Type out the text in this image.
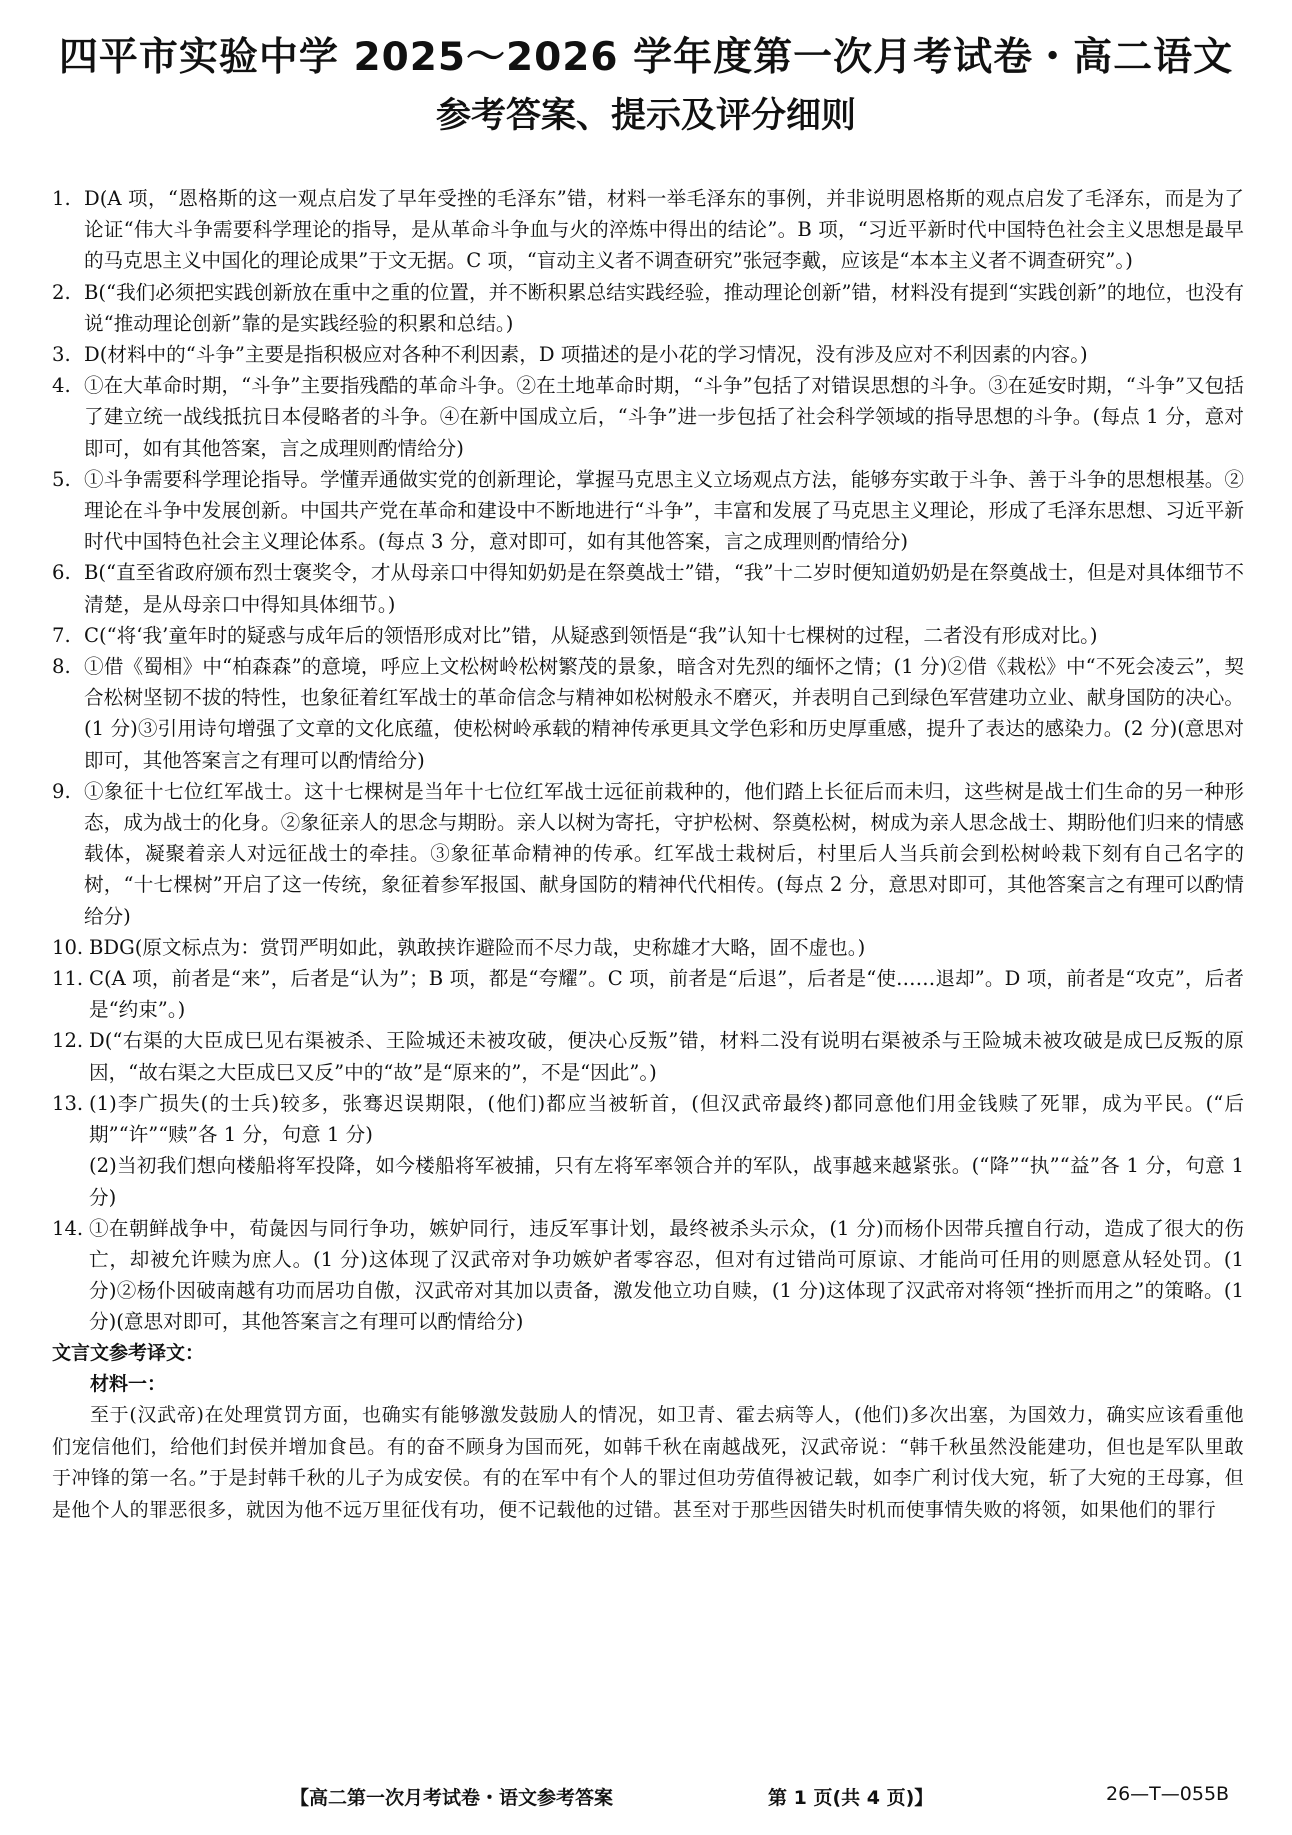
四平市实验中学 2025～2026 学年度第一次月考试卷・高二语文
参考答案、提示及评分细则
1. D(A 项，“恩格斯的这一观点启发了早年受挫的毛泽东”错，材料一举毛泽东的事例，并非说明恩格斯的观点启发了毛泽东，而是为了论证“伟大斗争需要科学理论的指导，是从革命斗争血与火的淬炼中得出的结论”。B 项，“习近平新时代中国特色社会主义思想是最早的马克思主义中国化的理论成果”于文无据。C 项，“盲动主义者不调查研究”张冠李戴，应该是“本本主义者不调查研究”。)
2. B(“我们必须把实践创新放在重中之重的位置，并不断积累总结实践经验，推动理论创新”错，材料没有提到“实践创新”的地位，也没有说“推动理论创新”靠的是实践经验的积累和总结。)
3. D(材料中的“斗争”主要是指积极应对各种不利因素，D 项描述的是小花的学习情况，没有涉及应对不利因素的内容。)
4. ①在大革命时期，“斗争”主要指残酷的革命斗争。②在土地革命时期，“斗争”包括了对错误思想的斗争。③在延安时期，“斗争”又包括了建立统一战线抵抗日本侵略者的斗争。④在新中国成立后，“斗争”进一步包括了社会科学领域的指导思想的斗争。(每点 1 分，意对即可，如有其他答案，言之成理则酌情给分)
5. ①斗争需要科学理论指导。学懂弄通做实党的创新理论，掌握马克思主义立场观点方法，能够夯实敢于斗争、善于斗争的思想根基。②理论在斗争中发展创新。中国共产党在革命和建设中不断地进行“斗争”，丰富和发展了马克思主义理论，形成了毛泽东思想、习近平新时代中国特色社会主义理论体系。(每点 3 分，意对即可，如有其他答案，言之成理则酌情给分)
6. B(“直至省政府颁布烈士褒奖令，才从母亲口中得知奶奶是在祭奠战士”错，“我”十二岁时便知道奶奶是在祭奠战士，但是对具体细节不清楚，是从母亲口中得知具体细节。)
7. C(“将‘我’童年时的疑惑与成年后的领悟形成对比”错，从疑惑到领悟是“我”认知十七棵树的过程，二者没有形成对比。)
8. ①借《蜀相》中“柏森森”的意境，呼应上文松树岭松树繁茂的景象，暗含对先烈的缅怀之情；(1 分)②借《栽松》中“不死会凌云”，契合松树坚韧不拔的特性，也象征着红军战士的革命信念与精神如松树般永不磨灭，并表明自己到绿色军营建功立业、献身国防的决心。(1 分)③引用诗句增强了文章的文化底蕴，使松树岭承载的精神传承更具文学色彩和历史厚重感，提升了表达的感染力。(2 分)(意思对即可，其他答案言之有理可以酌情给分)
9. ①象征十七位红军战士。这十七棵树是当年十七位红军战士远征前栽种的，他们踏上长征后而未归，这些树是战士们生命的另一种形态，成为战士的化身。②象征亲人的思念与期盼。亲人以树为寄托，守护松树、祭奠松树，树成为亲人思念战士、期盼他们归来的情感载体，凝聚着亲人对远征战士的牵挂。③象征革命精神的传承。红军战士栽树后，村里后人当兵前会到松树岭栽下刻有自己名字的树，“十七棵树”开启了这一传统，象征着参军报国、献身国防的精神代代相传。(每点 2 分，意思对即可，其他答案言之有理可以酌情给分)
10. BDG(原文标点为：赏罚严明如此，孰敢挟诈避险而不尽力哉，史称雄才大略，固不虚也。)
11. C(A 项，前者是“来”，后者是“认为”；B 项，都是“夸耀”。C 项，前者是“后退”，后者是“使……退却”。D 项，前者是“攻克”，后者是“约束”。)
12. D(“右渠的大臣成巳见右渠被杀、王险城还未被攻破，便决心反叛”错，材料二没有说明右渠被杀与王险城未被攻破是成巳反叛的原因，“故右渠之大臣成巳又反”中的“故”是“原来的”，不是“因此”。)
13. (1)李广损失(的士兵)较多，张骞迟误期限，(他们)都应当被斩首，(但汉武帝最终)都同意他们用金钱赎了死罪，成为平民。(“后期”“许”“赎”各 1 分，句意 1 分)
(2)当初我们想向楼船将军投降，如今楼船将军被捕，只有左将军率领合并的军队，战事越来越紧张。(“降”“执”“益”各 1 分，句意 1 分)
14. ①在朝鲜战争中，荀彘因与同行争功，嫉妒同行，违反军事计划，最终被杀头示众，(1 分)而杨仆因带兵擅自行动，造成了很大的伤亡，却被允许赎为庶人。(1 分)这体现了汉武帝对争功嫉妒者零容忍，但对有过错尚可原谅、才能尚可任用的则愿意从轻处罚。(1 分)②杨仆因破南越有功而居功自傲，汉武帝对其加以责备，激发他立功自赎，(1 分)这体现了汉武帝对将领“挫折而用之”的策略。(1 分)(意思对即可，其他答案言之有理可以酌情给分)
文言文参考译文：
材料一：
至于(汉武帝)在处理赏罚方面，也确实有能够激发鼓励人的情况，如卫青、霍去病等人，(他们)多次出塞，为国效力，确实应该看重他们宠信他们，给他们封侯并增加食邑。有的奋不顾身为国而死，如韩千秋在南越战死，汉武帝说：“韩千秋虽然没能建功，但也是军队里敢于冲锋的第一名。”于是封韩千秋的儿子为成安侯。有的在军中有个人的罪过但功劳值得被记载，如李广利讨伐大宛，斩了大宛的王母寡，但是他个人的罪恶很多，就因为他不远万里征伐有功，便不记载他的过错。甚至对于那些因错失时机而使事情失败的将领，如果他们的罪行
【高二第一次月考试卷・语文参考答案	第 1 页(共 4 页)】	26—T—055B
